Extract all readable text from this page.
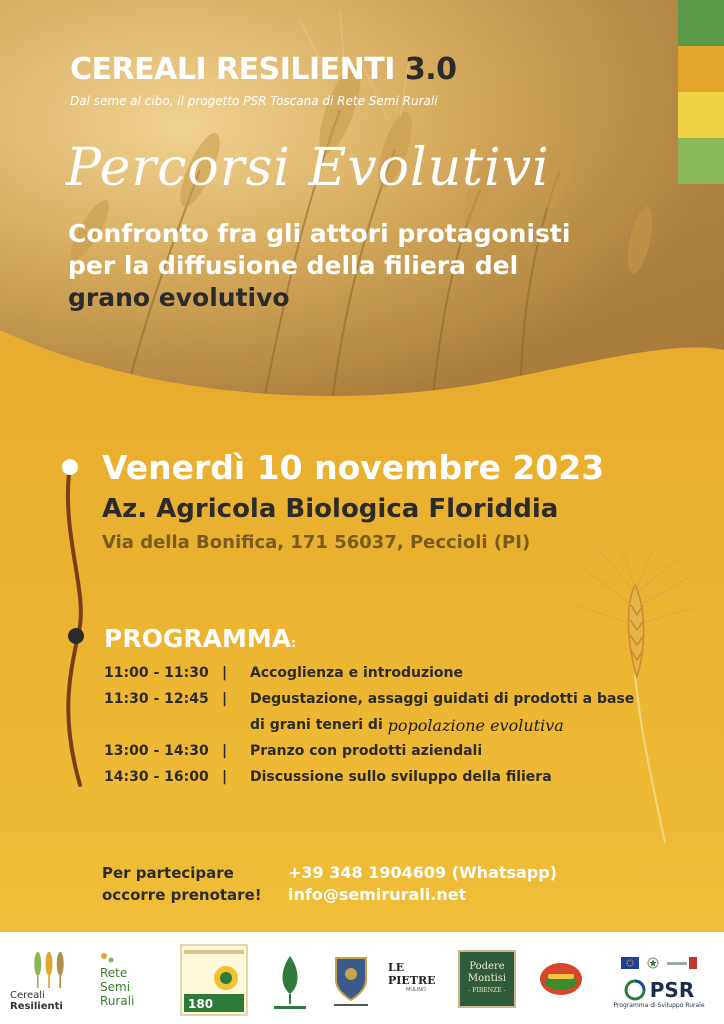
CEREALI RESILIENTI 3.0
Dal seme al cibo, il progetto PSR Toscana di Rete Semi Rurali
Percorsi Evolutivi
Confronto fra gli attori protagonisti
per la diffusione della filiera del
grano evolutivo
Venerdì 10 novembre 2023
Az. Agricola Biologica Floriddia
Via della Bonifica, 171 56037, Peccioli (PI)
PROGRAMMA:
11:00 - 11:30 |	Accoglienza e introduzione
11:30 - 12:45 |	Degustazione, assaggi guidati di prodotti a base
di grani teneri di
popolazione evolutiva
13:00 - 14:30 |	Pranzo con prodotti aziendali
14:30 - 16:00 |	Discussione sullo sviluppo della filiera
Per partecipare
occorre prenotare!
+39 348 1904609 (Whatsapp)
info@semirurali.net
Cereali Resilienti
Rete
Semi
Rurali	180
LE PIETRE
MULINO
Podere
Montisi
- FIRENZE -	PSR
Programma di Sviluppo Rurale
